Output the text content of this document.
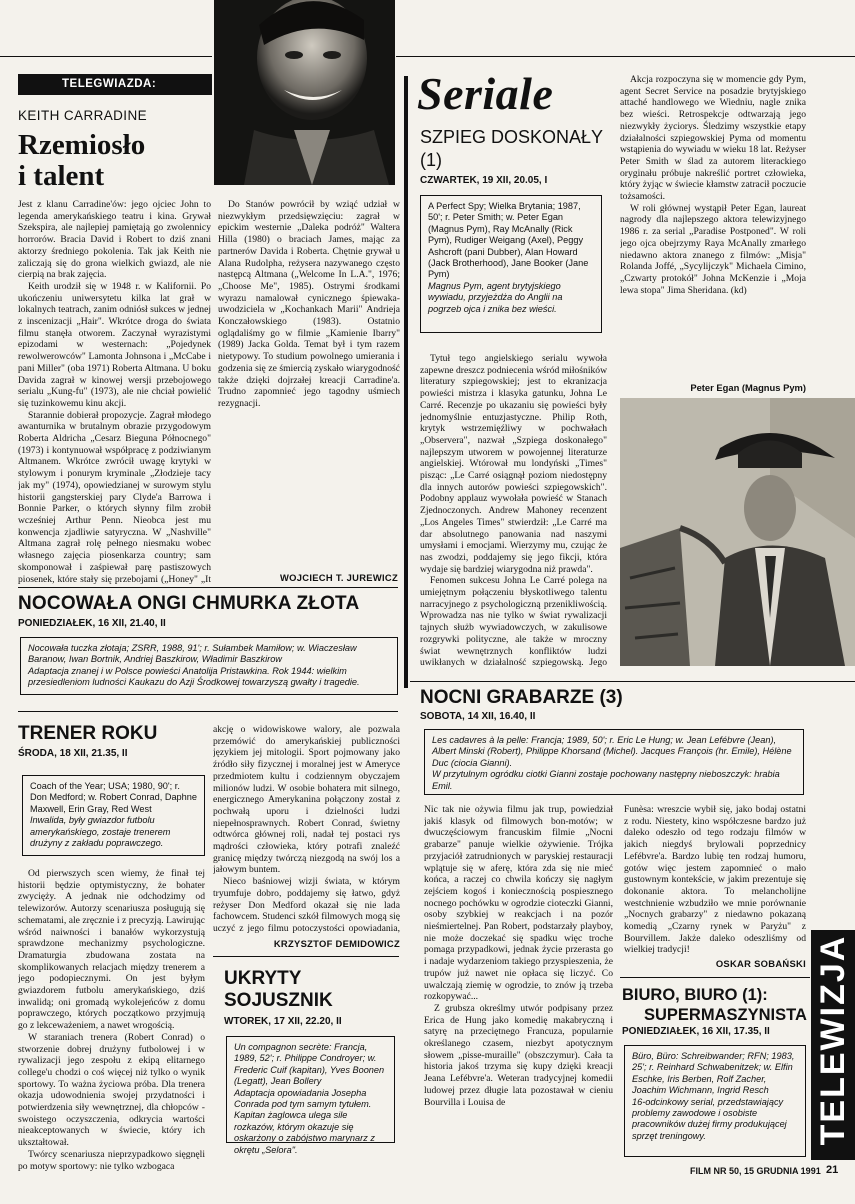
TELEGWIAZDA:
KEITH CARRADINE
Rzemiosło
i talent

Jest z klanu Carradine'ów: jego ojciec John to legenda amerykańskiego teatru i kina. Grywał Szekspira, ale najlepiej pamiętają go zwolennicy horrorów. Bracia David i Robert to dziś znani aktorzy średniego pokolenia. Tak jak Keith nie zaliczają się do grona wielkich gwiazd, ale nie cierpią na brak zajęcia.

Keith urodził się w 1948 r. w Kalifornii. Po ukończeniu uniwersytetu kilka lat grał w lokalnych teatrach, zanim odniósł sukces w jednej z inscenizacji „Hair". Wkrótce droga do świata filmu stanęła otworem. Zaczynał wyrazistymi epizodami w westernach: „Pojedynek rewolwerowców" Lamonta Johnsona i „McCabe i pani Miller" (oba 1971) Roberta Altmana. U boku Davida zagrał w kinowej wersji przebojowego serialu „Kung-fu" (1973), ale nie chciał powielić się tuzinkowemu kinu akcji.

Starannie dobierał propozycje. Zagrał młodego awanturnika w brutalnym obrazie przygodowym Roberta Aldricha „Cesarz Bieguna Północnego" (1973) i kontynuował współpracę z podziwianym Altmanem. Wkrótce zwrócił uwagę krytyki w stylowym i ponurym kryminale „Złodzieje tacy jak my" (1974), opowiedzianej w surowym stylu historii gangsterskiej pary Clyde'a Barrowa i Bonnie Parker, o których słynny film zrobił wcześniej Arthur Penn. Nieobca jest mu konwencja zjadliwie satyryczna. W „Nashville" Altmana zagrał rolę pełnego niesmaku wobec własnego zajęcia piosenkarza country; sam skomponował i zaśpiewał parę pastiszowych piosenek, które stały się przebojami („Honey" „It

Do Stanów powrócił by wziąć udział w niezwykłym przedsięwzięciu: zagrał w epickim westernie „Daleka podróż" Waltera Hilla (1980) o braciach James, mając za partnerów Davida i Roberta. Chętnie grywał u Alana Rudolpha, reżysera nazywanego często następcą Altmana („Welcome In L.A.", 1976; „Choose Me", 1985). Ostrymi środkami wyrazu namalował cynicznego śpiewaka-uwodziciela w „Kochankach Marii" Andrieja Konczałowskiego (1983). Ostatnio oglądaliśmy go w filmie „Kamienie Ibarry" (1989) Jacka Golda. Temat był i tym razem nietypowy. To studium powolnego umierania i godzenia się ze śmiercią zyskało wiarygodność także dzięki dojrzałej kreacji Carradine'a. Trudno zapomnieć jego tagodny uśmiech rezygnacji.

WOJCIECH T. JUREWICZ
NOCOWAŁA ONGI CHMURKA ZŁOTA
PONIEDZIAŁEK, 16 XII, 21.40, II

Nocowała tuczka złotaja; ZSRR, 1988, 91'; r. Sułambek Mamiłow; w. Wiaczesław Baranow, Iwan Bortnik, Andriej Baszkirow, Władimir Baszkirow

Adaptacja znanej i w Polsce powieści Anatolija Pristawkina. Rok 1944: wielkim przesiedleniom ludności Kaukazu do Azji Środkowej towarzyszą gwałty i tragedie.

TRENER ROKU
ŚRODA, 18 XII, 21.35, II

Coach of the Year; USA; 1980, 90'; r. Don Medford; w. Robert Conrad, Daphne Maxwell, Erin Gray, Red West

Inwalida, były gwiazdor futbolu amerykańskiego, zostaje trenerem drużyny z zakładu poprawczego.

Od pierwszych scen wiemy, że finał tej historii będzie optymistyczny, że bohater zwycięży. A jednak nie odchodzimy od telewizorów. Autorzy scenariusza posługują się schematami, ale zręcznie i z precyzją. Lawirując wśród naiwności i banałów wykorzystują sprawdzone mechanizmy psychologiczne. Dramaturgia zbudowana zostata na skomplikowanych relacjach między trenerem a jego podopiecznymi. On jest byłym gwiazdorem futbolu amerykańskiego, dziś inwalidą; oni gromadą wykolejeńców z domu poprawczego, których początkowo przyjmują go z lekceważeniem, a nawet wrogością.

W staraniach trenera (Robert Conrad) o stworzenie dobrej drużyny futbolowej i w rywalizacji jego zespołu z ekipą elitarnego college'u chodzi o coś więcej niż tylko o wynik sportowy. To ważna życiowa próba. Dla trenera okazja udowodnienia swojej przydatności i potwierdzenia siły wewnętrznej, dla chłopców - swoistego oczyszczenia, odkrycia wartości nieakceptowanych w świecie, który ich ukształtował.

Twórcy scenariusza nieprzypadkowo sięgnęli po motyw sportowy: nie tylko wzbogaca

akcję o widowiskowe walory, ale pozwala przemówić do amerykańskiej publiczności językiem jej mitologii. Sport pojmowany jako źródło siły fizycznej i moralnej jest w Ameryce przedmiotem kultu i codziennym obyczajem milionów ludzi. W osobie bohatera mit silnego, energicznego Amerykanina połączony został z pochwałą uporu i dzielności ludzi niepełnosprawnych. Robert Conrad, świetny odtwórca głównej roli, nadał tej postaci rys mądrości człowieka, który potrafi znaleźć granicę między twórczą niezgodą na swój los a jałowym buntem.

Nieco baśniowej wizji świata, w którym tryumfuje dobro, poddajemy się łatwo, gdyż reżyser Don Medford okazał się nie lada fachowcem. Studenci szkół filmowych mogą się uczyć z jego filmu potoczystości opowiadania,

KRZYSZTOF DEMIDOWICZ
UKRYTY
SOJUSZNIK
WTOREK, 17 XII, 22.20, II

Un compagnon secrète: Francja, 1989, 52'; r. Philippe Condroyer; w. Frederic Cuif (kapitan), Yves Boonen (Legatt), Jean Bollery

Adaptacja opowiadania Josepha Conrada pod tym samym tytułem. Kapitan żaglowca ulega sile rozkazów, którym okazuje się oskarżony o zabójstwo marynarz z okrętu „Selora".

Seriale
SZPIEG DOSKONAŁY (1)
CZWARTEK, 19 XII, 20.05, I

A Perfect Spy; Wielka Brytania; 1987, 50'; r. Peter Smith; w. Peter Egan (Magnus Pym), Ray McAnally (Rick Pym), Rudiger Weigang (Axel), Peggy Ashcroft (pani Dubber), Alan Howard (Jack Brotherhood), Jane Booker (Jane Pym)

Magnus Pym, agent brytyjskiego wywiadu, przyjeżdża do Anglii na pogrzeb ojca i znika bez wieści.

Tytuł tego angielskiego serialu wywoła zapewne dreszcz podniecenia wśród miłośników literatury szpiegowskiej; jest to ekranizacja powieści mistrza i klasyka gatunku, Johna Le Carré. Recenzje po ukazaniu się powieści były jednomyślnie entuzjastyczne. Philip Roth, krytyk wstrzemięźliwy w pochwałach „Observera", nazwał „Szpiega doskonałego" najlepszym utworem w powojennej literaturze angielskiej. Wtórował mu londyński „Times" pisząc: „Le Carré osiągnął poziom niedostępny dla innych autorów powieści szpiegowskich". Podobny applauz wywołała powieść w Stanach Zjednoczonych. Andrew Mahoney recenzent „Los Angeles Times" stwierdził: „Le Carré ma dar absolutnego panowania nad naszymi umysłami i emocjami. Wierzymy mu, czując że nas zwodzi, poddajemy się jego fikcji, która wydaje się bardziej wiarygodna niż prawda".

Fenomen sukcesu Johna Le Carré polega na umiejętnym połączeniu błyskotliwego talentu narracyjnego z psychologiczną przenikliwością. Wprowadza nas nie tylko w świat rywalizacji tajnych służb wywiadowczych, w zakulisowe rozgrywki polityczne, ale także w mroczny świat wewnętrznych konfliktów ludzi uwikłanych w działalność szpiegowską. Jego

Akcja rozpoczyna się w momencie gdy Pym, agent Secret Service na posadzie brytyjskiego attaché handlowego we Wiedniu, nagle znika bez wieści. Retrospekcje odtwarzają jego niezwykły życiorys. Śledzimy wszystkie etapy działalności szpiegowskiej Pyma od momentu wstąpienia do wywiadu w wieku 18 lat. Reżyser Peter Smith w ślad za autorem literackiego oryginału próbuje nakreślić portret człowieka, który żyjąc w świecie kłamstw zatracił poczucie tożsamości.

W roli głównej wystąpił Peter Egan, laureat nagrody dla najlepszego aktora telewizyjnego 1986 r. za serial „Paradise Postponed". W roli jego ojca obejrzymy Raya McAnally zmarłego niedawno aktora znanego z filmów: „Misja" Rolanda Joffé, „Sycylijczyk" Michaela Cimino, „Czwarty protokół" Johna McKenzie i „Moja lewa stopa" Jima Sheridana. (kd)

Peter Egan (Magnus Pym)
NOCNI GRABARZE (3)
SOBOTA, 14 XII, 16.40, II

Les cadavres à la pelle: Francja; 1989, 50'; r. Eric Le Hung; w. Jean Lefébvre (Jean), Albert Minski (Robert), Philippe Khorsand (Michel). Jacques François (hr. Emile), Hélène Duc (ciocia Gianni).

W przytulnym ogródku ciotki Gianni zostaje pochowany następny nieboszczyk: hrabia Emil.

Nic tak nie ożywia filmu jak trup, powiedział jakiś klasyk od filmowych bon-motów; w dwuczęściowym francuskim filmie „Nocni grabarze" panuje wielkie ożywienie. Trójka przyjaciół zatrudnionych w paryskiej restauracji wplątuje się w aferę, która zda się nie mieć końca, a raczej co chwila kończy się nagłym zejściem kogoś i koniecznością pospiesznego nocnego pochówku w ogrodzie cioteczki Gianni, osoby szybkiej w reakcjach i na pozór nieśmiertelnej. Pan Robert, podstarzały playboy, nie może doczekać się spadku więc troche pomaga przypadkowi, jednak życie przerasta go i nadaje wydarzeniom takiego przyspieszenia, że trupów już nawet nie opłaca się liczyć. Co uwalczają ziemię w ogrodzie, to znów ją trzeba rozkopywać...

Z grubsza określmy utwór podpisany przez Erica de Hung jako komedię makabryczną i satyrę na przeciętnego Francuza, popularnie określanego czasem, niezbyt apotycznym słowem „pisse-muraille" (obszczymur). Cała ta historia jakoś trzyma się kupy dzięki kreacji Jeana Lefébvre'a. Weteran tradycyjnej komedii ludowej przez długie lata pozostawał w cieniu Bourvilla i Louisa de

Funèsa: wreszcie wybił się, jako bodaj ostatni z rodu. Niestety, kino współczesne bardzo już daleko odeszło od tego rodzaju filmów w jakich niegdyś brylowali poprzednicy Lefébvre'a. Bardzo lubię ten rodzaj humoru, gotów więc jestem zapomnieć o mało gustownym kontekście, w jakim prezentuje się dokonanie aktora. To melancholijne westchnienie wzbudziło we mnie porównanie „Nocnych grabarzy" z niedawno pokazaną komedią „Czarny rynek w Paryżu" z Bourvillem. Jakże daleko odeszliśmy od wielkiej tradycji!

OSKAR SOBAŃSKI
BIURO, BIURO (1):
SUPERMASZYNISTA
PONIEDZIAŁEK, 16 XII, 17.35, II

Büro, Büro: Schreibwander; RFN; 1983, 25'; r. Reinhard Schwabenitzek; w. Elfin Eschke, Iris Berben, Rolf Zacher, Joachim Wichmann, Ingrid Resch

16-odcinkowy serial, przedstawiający problemy zawodowe i osobiste pracowników dużej firmy produkującej sprzęt treningowy.	TELEWIZJA
FILM NR 50, 15 GRUDNIA 1991 21
